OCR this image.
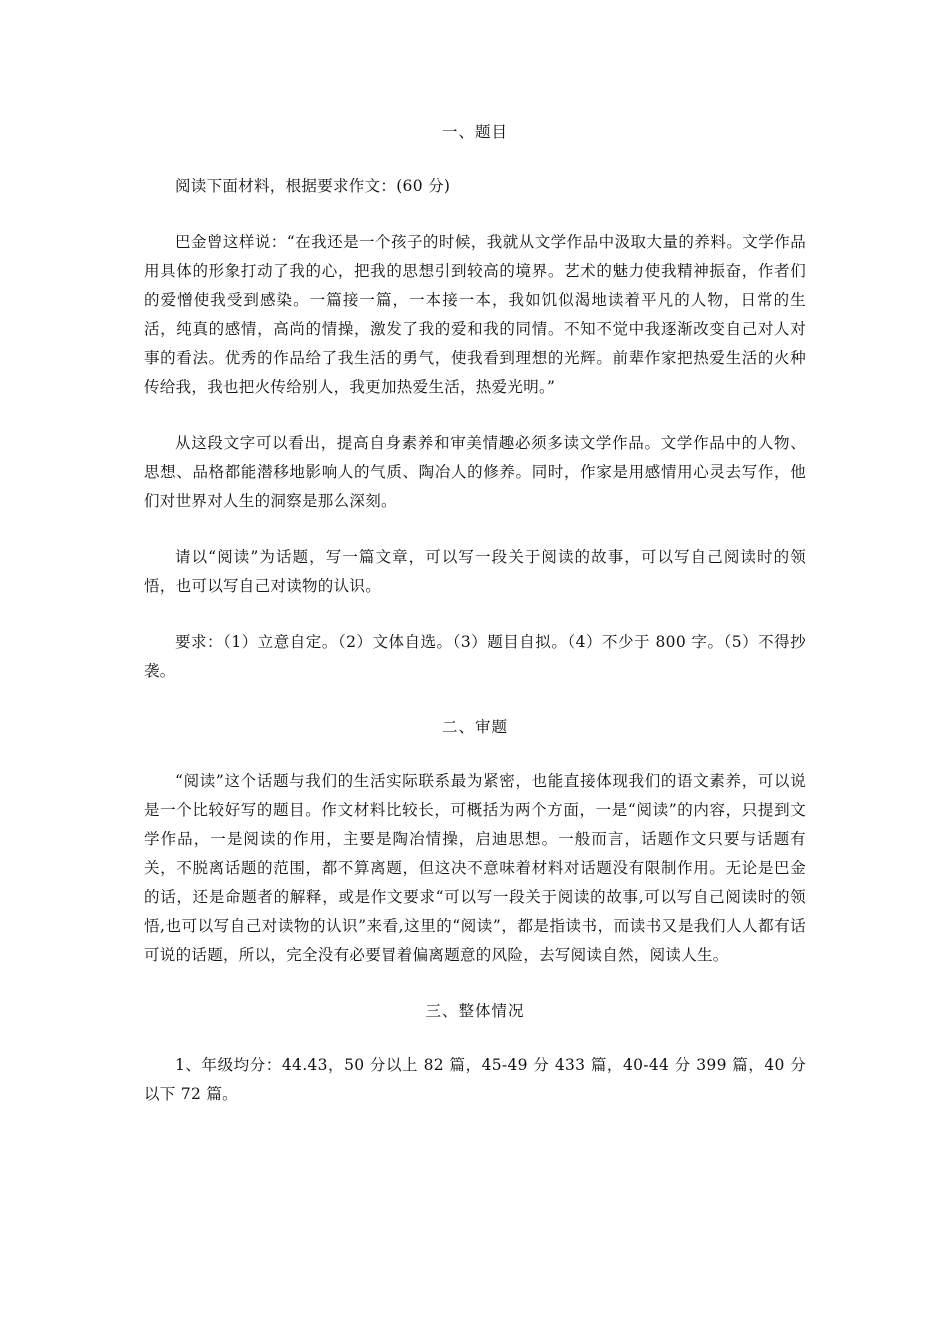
一、题目

阅读下面材料，根据要求作文：(60 分)

巴金曾这样说：“在我还是一个孩子的时候，我就从文学作品中汲取大量的养料。文学作品用具体的形象打动了我的心，把我的思想引到较高的境界。艺术的魅力使我精神振奋，作者们的爱憎使我受到感染。一篇接一篇，一本接一本，我如饥似渴地读着平凡的人物，日常的生活，纯真的感情，高尚的情操，激发了我的爱和我的同情。不知不觉中我逐渐改变自己对人对事的看法。优秀的作品给了我生活的勇气，使我看到理想的光辉。前辈作家把热爱生活的火种传给我，我也把火传给别人，我更加热爱生活，热爱光明。”

从这段文字可以看出，提高自身素养和审美情趣必须多读文学作品。文学作品中的人物、思想、品格都能潜移地影响人的气质、陶冶人的修养。同时，作家是用感情用心灵去写作，他们对世界对人生的洞察是那么深刻。

请以“阅读”为话题，写一篇文章，可以写一段关于阅读的故事，可以写自己阅读时的领悟，也可以写自己对读物的认识。

要求：（1）立意自定。（2）文体自选。（3）题目自拟。（4）不少于 800 字。（5）不得抄袭。

二、审题

“阅读”这个话题与我们的生活实际联系最为紧密，也能直接体现我们的语文素养，可以说是一个比较好写的题目。作文材料比较长，可概括为两个方面，一是“阅读”的内容，只提到文学作品，一是阅读的作用，主要是陶冶情操，启迪思想。一般而言，话题作文只要与话题有关，不脱离话题的范围，都不算离题，但这决不意味着材料对话题没有限制作用。无论是巴金的话，还是命题者的解释，或是作文要求“可以写一段关于阅读的故事,可以写自己阅读时的领悟,也可以写自己对读物的认识”来看,这里的“阅读”，都是指读书，而读书又是我们人人都有话可说的话题，所以，完全没有必要冒着偏离题意的风险，去写阅读自然，阅读人生。

三、整体情况

1、年级均分：44.43，50 分以上 82 篇，45-49 分 433 篇，40-44 分 399 篇，40 分以下 72 篇。
